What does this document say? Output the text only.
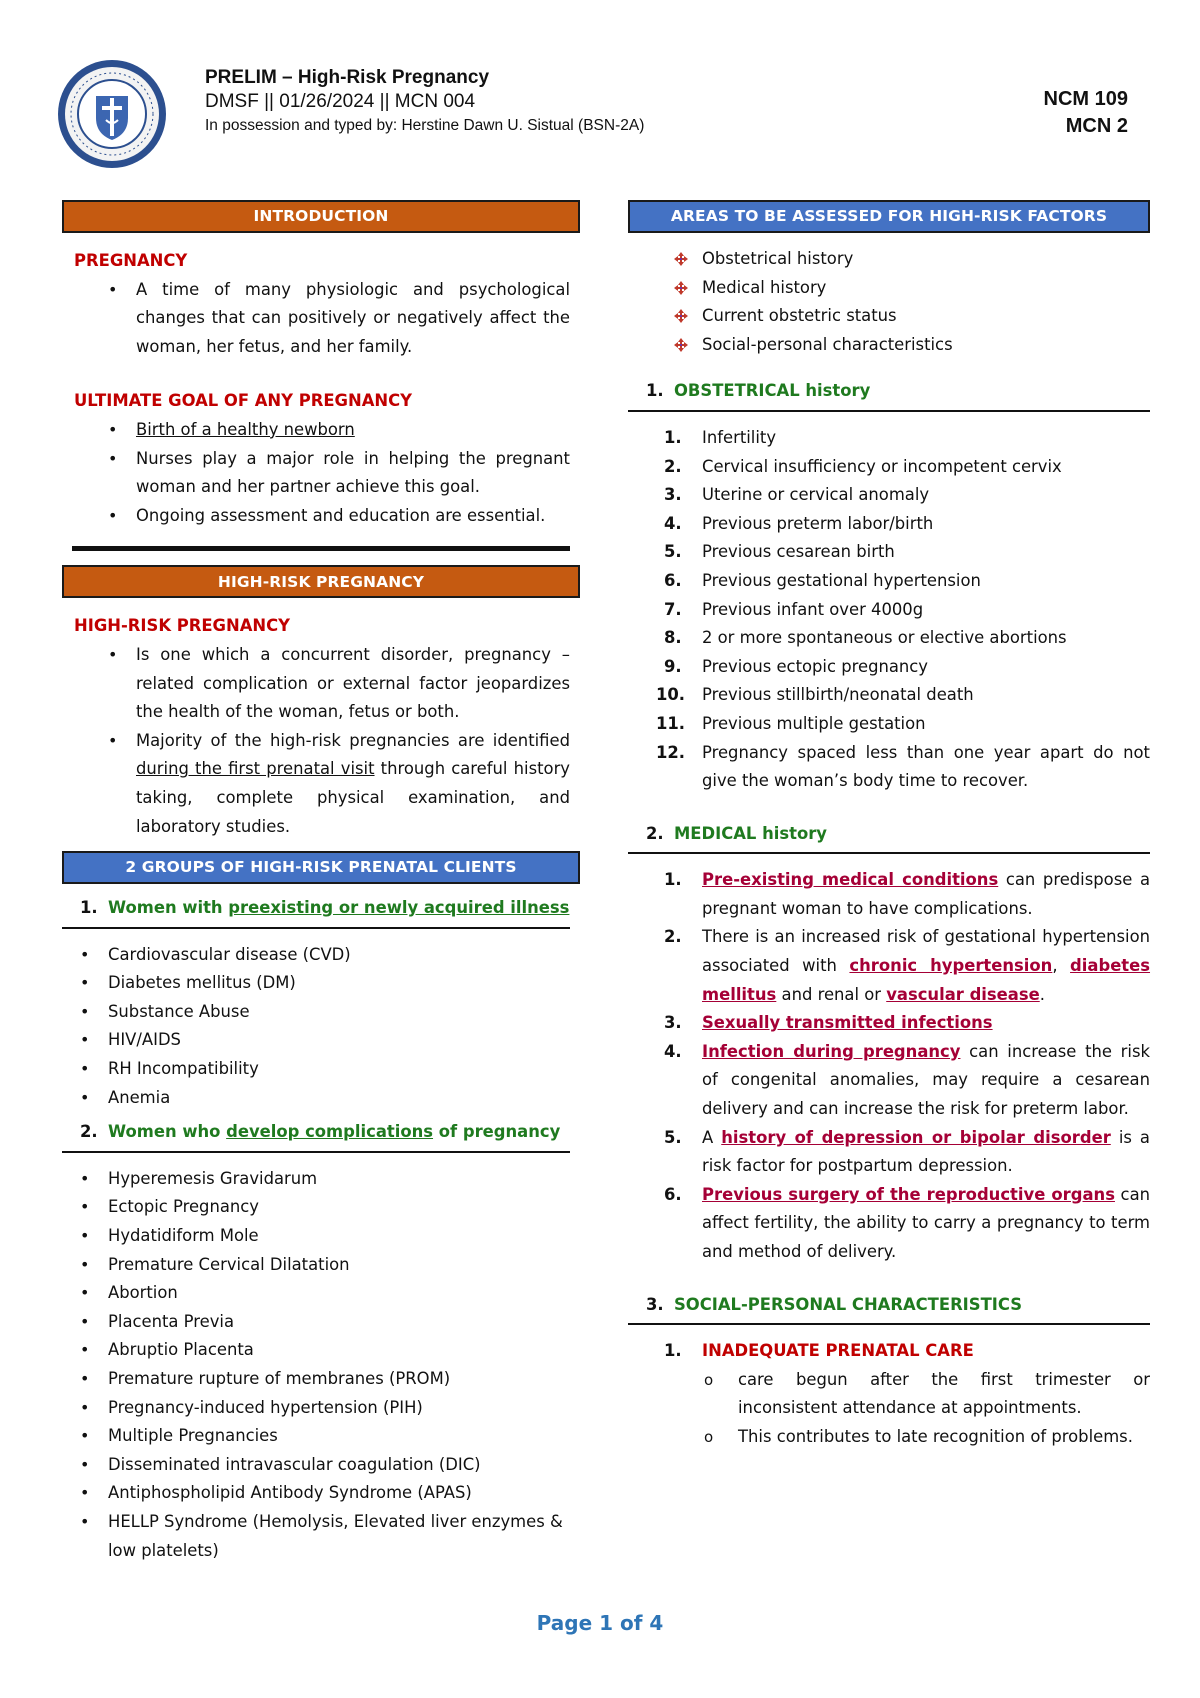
PRELIM – High-Risk Pregnancy
DMSF || 01/26/2024 || MCN 004
In possession and typed by: Herstine Dawn U. Sistual (BSN-2A)
NCM 109
MCN 2
INTRODUCTION
PREGNANCY
• A time of many physiologic and psychological changes that can positively or negatively affect the woman, her fetus, and her family.
ULTIMATE GOAL OF ANY PREGNANCY
• Birth of a healthy newborn
• Nurses play a major role in helping the pregnant woman and her partner achieve this goal.
• Ongoing assessment and education are essential.
HIGH-RISK PREGNANCY
HIGH-RISK PREGNANCY
• Is one which a concurrent disorder, pregnancy – related complication or external factor jeopardizes the health of the woman, fetus or both.
• Majority of the high-risk pregnancies are identified during the first prenatal visit through careful history taking, complete physical examination, and laboratory studies.
2 GROUPS OF HIGH-RISK PRENATAL CLIENTS
1. Women with preexisting or newly acquired illness
• Cardiovascular disease (CVD)
• Diabetes mellitus (DM)
• Substance Abuse
• HIV/AIDS
• RH Incompatibility
• Anemia
2. Women who develop complications of pregnancy
• Hyperemesis Gravidarum
• Ectopic Pregnancy
• Hydatidiform Mole
• Premature Cervical Dilatation
• Abortion
• Placenta Previa
• Abruptio Placenta
• Premature rupture of membranes (PROM)
• Pregnancy-induced hypertension (PIH)
• Multiple Pregnancies
• Disseminated intravascular coagulation (DIC)
• Antiphospholipid Antibody Syndrome (APAS)
• HELLP Syndrome (Hemolysis, Elevated liver enzymes & low platelets)
AREAS TO BE ASSESSED FOR HIGH-RISK FACTORS
Obstetrical history
Medical history
Current obstetric status
Social-personal characteristics
1. OBSTETRICAL history
1. Infertility
2. Cervical insufficiency or incompetent cervix
3. Uterine or cervical anomaly
4. Previous preterm labor/birth
5. Previous cesarean birth
6. Previous gestational hypertension
7. Previous infant over 4000g
8. 2 or more spontaneous or elective abortions
9. Previous ectopic pregnancy
10. Previous stillbirth/neonatal death
11. Previous multiple gestation
12. Pregnancy spaced less than one year apart do not give the woman’s body time to recover.
2. MEDICAL history
1. Pre-existing medical conditions can predispose a pregnant woman to have complications.
2. There is an increased risk of gestational hypertension associated with chronic hypertension, diabetes mellitus and renal or vascular disease.
3. Sexually transmitted infections
4. Infection during pregnancy can increase the risk of congenital anomalies, may require a cesarean delivery and can increase the risk for preterm labor.
5. A history of depression or bipolar disorder is a risk factor for postpartum depression.
6. Previous surgery of the reproductive organs can affect fertility, the ability to carry a pregnancy to term and method of delivery.
3. SOCIAL-PERSONAL CHARACTERISTICS
1. INADEQUATE PRENATAL CARE
o care begun after the first trimester or inconsistent attendance at appointments.
o This contributes to late recognition of problems.
Page 1 of 4
